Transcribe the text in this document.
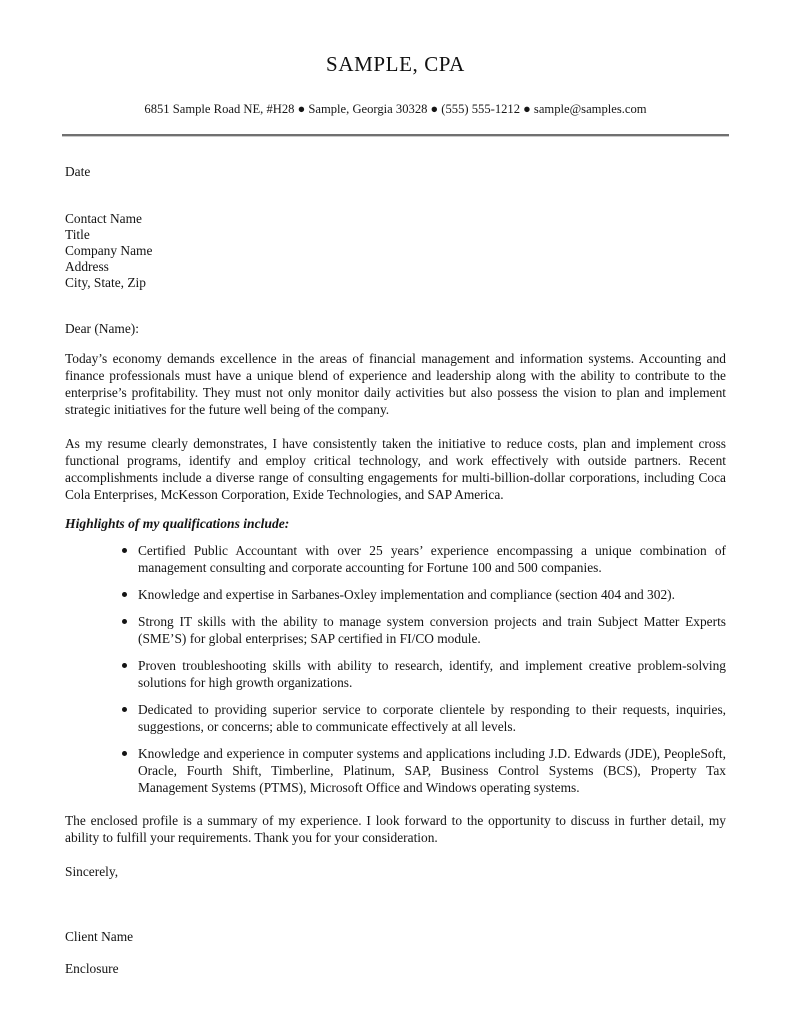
SAMPLE, CPA
6851 Sample Road NE, #H28 ● Sample, Georgia 30328 ● (555) 555-1212 ● sample@samples.com
Date
Contact Name
Title
Company Name
Address
City, State, Zip
Dear (Name):

Today’s economy demands excellence in the areas of financial management and information systems. Accounting and finance professionals must have a unique blend of experience and leadership along with the ability to contribute to the enterprise’s profitability. They must not only monitor daily activities but also possess the vision to plan and implement strategic initiatives for the future well being of the company.

As my resume clearly demonstrates, I have consistently taken the initiative to reduce costs, plan and implement cross functional programs, identify and employ critical technology, and work effectively with outside partners. Recent accomplishments include a diverse range of consulting engagements for multi-billion-dollar corporations, including Coca Cola Enterprises, McKesson Corporation, Exide Technologies, and SAP America.

Highlights of my qualifications include:
Certified Public Accountant with over 25 years’ experience encompassing a unique combination of management consulting and corporate accounting for Fortune 100 and 500 companies.
Knowledge and expertise in Sarbanes-Oxley implementation and compliance (section 404 and 302).
Strong IT skills with the ability to manage system conversion projects and train Subject Matter Experts (SME’S) for global enterprises; SAP certified in FI/CO module.
Proven troubleshooting skills with ability to research, identify, and implement creative problem-solving solutions for high growth organizations.
Dedicated to providing superior service to corporate clientele by responding to their requests, inquiries, suggestions, or concerns; able to communicate effectively at all levels.
Knowledge and experience in computer systems and applications including J.D. Edwards (JDE), PeopleSoft, Oracle, Fourth Shift, Timberline, Platinum, SAP, Business Control Systems (BCS), Property Tax Management Systems (PTMS), Microsoft Office and Windows operating systems.

The enclosed profile is a summary of my experience. I look forward to the opportunity to discuss in further detail, my ability to fulfill your requirements. Thank you for your consideration.

Sincerely,
Client Name
Enclosure
